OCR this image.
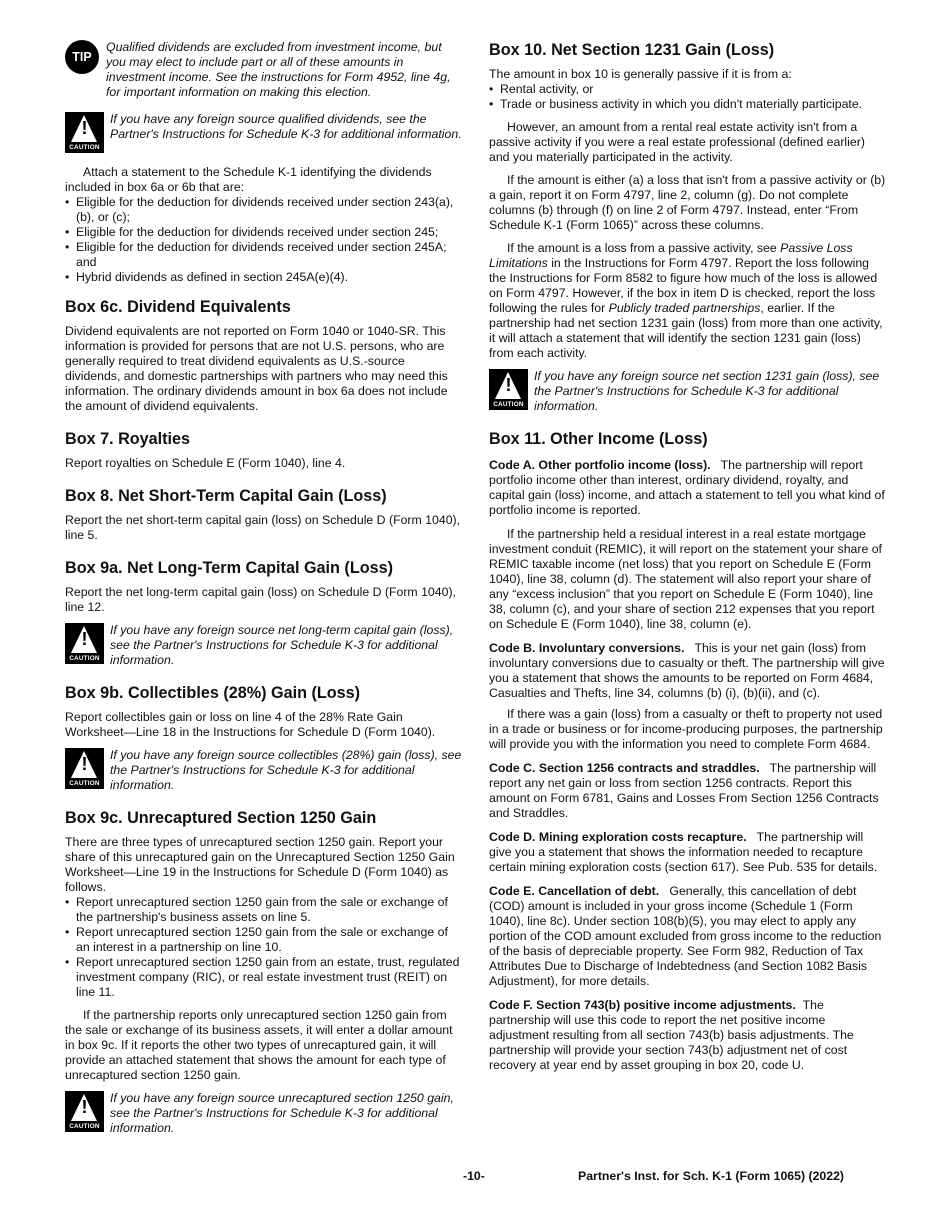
TIP
Qualified dividends are excluded from investment income, but you may elect to include part or all of these amounts in investment income. See the instructions for Form 4952, line 4g, for important information on making this election.
!
CAUTION
If you have any foreign source qualified dividends, see the Partner's Instructions for Schedule K-3 for additional information.

Attach a statement to the Schedule K-1 identifying the dividends included in box 6a or 6b that are:

• Eligible for the deduction for dividends received under section 243(a), (b), or (c);
• Eligible for the deduction for dividends received under section 245;
• Eligible for the deduction for dividends received under section 245A; and
• Hybrid dividends as defined in section 245A(e)(4).
Box 6c. Dividend Equivalents

Dividend equivalents are not reported on Form 1040 or 1040-SR. This information is provided for persons that are not U.S. persons, who are generally required to treat dividend equivalents as U.S.-source dividends, and domestic partnerships with partners who may need this information. The ordinary dividends amount in box 6a does not include the amount of dividend equivalents.

Box 7. Royalties

Report royalties on Schedule E (Form 1040), line 4.

Box 8. Net Short-Term Capital Gain (Loss)

Report the net short-term capital gain (loss) on Schedule D (Form 1040), line 5.

Box 9a. Net Long-Term Capital Gain (Loss)

Report the net long-term capital gain (loss) on Schedule D (Form 1040), line 12.

!
CAUTION
If you have any foreign source net long-term capital gain (loss), see the Partner's Instructions for Schedule K-3 for additional information.
Box 9b. Collectibles (28%) Gain (Loss)

Report collectibles gain or loss on line 4 of the 28% Rate Gain Worksheet—Line 18 in the Instructions for Schedule D (Form 1040).

!
CAUTION
If you have any foreign source collectibles (28%) gain (loss), see the Partner's Instructions for Schedule K-3 for additional information.
Box 9c. Unrecaptured Section 1250 Gain

There are three types of unrecaptured section 1250 gain. Report your share of this unrecaptured gain on the Unrecaptured Section 1250 Gain Worksheet—Line 19 in the Instructions for Schedule D (Form 1040) as follows.

• Report unrecaptured section 1250 gain from the sale or exchange of the partnership's business assets on line 5.
• Report unrecaptured section 1250 gain from the sale or exchange of an interest in a partnership on line 10.
• Report unrecaptured section 1250 gain from an estate, trust, regulated investment company (RIC), or real estate investment trust (REIT) on line 11.

If the partnership reports only unrecaptured section 1250 gain from the sale or exchange of its business assets, it will enter a dollar amount in box 9c. If it reports the other two types of unrecaptured gain, it will provide an attached statement that shows the amount for each type of unrecaptured section 1250 gain.

!
CAUTION
If you have any foreign source unrecaptured section 1250 gain, see the Partner's Instructions for Schedule K-3 for additional information.
Box 10. Net Section 1231 Gain (Loss)

The amount in box 10 is generally passive if it is from a:

• Rental activity, or
• Trade or business activity in which you didn't materially participate.

However, an amount from a rental real estate activity isn't from a passive activity if you were a real estate professional (defined earlier) and you materially participated in the activity.

If the amount is either (a) a loss that isn't from a passive activity or (b) a gain, report it on Form 4797, line 2, column (g). Do not complete columns (b) through (f) on line 2 of Form 4797. Instead, enter “From Schedule K-1 (Form 1065)” across these columns.

If the amount is a loss from a passive activity, see Passive Loss Limitations in the Instructions for Form 4797. Report the loss following the Instructions for Form 8582 to figure how much of the loss is allowed on Form 4797. However, if the box in item D is checked, report the loss following the rules for Publicly traded partnerships, earlier. If the partnership had net section 1231 gain (loss) from more than one activity, it will attach a statement that will identify the section 1231 gain (loss) from each activity.

!
CAUTION
If you have any foreign source net section 1231 gain (loss), see the Partner's Instructions for Schedule K-3 for additional information.
Box 11. Other Income (Loss)

Code A. Other portfolio income (loss). The partnership will report portfolio income other than interest, ordinary dividend, royalty, and capital gain (loss) income, and attach a statement to tell you what kind of portfolio income is reported.

If the partnership held a residual interest in a real estate mortgage investment conduit (REMIC), it will report on the statement your share of REMIC taxable income (net loss) that you report on Schedule E (Form 1040), line 38, column (d). The statement will also report your share of any “excess inclusion” that you report on Schedule E (Form 1040), line 38, column (c), and your share of section 212 expenses that you report on Schedule E (Form 1040), line 38, column (e).

Code B. Involuntary conversions. This is your net gain (loss) from involuntary conversions due to casualty or theft. The partnership will give you a statement that shows the amounts to be reported on Form 4684, Casualties and Thefts, line 34, columns (b) (i), (b)(ii), and (c).

If there was a gain (loss) from a casualty or theft to property not used in a trade or business or for income-producing purposes, the partnership will provide you with the information you need to complete Form 4684.

Code C. Section 1256 contracts and straddles. The partnership will report any net gain or loss from section 1256 contracts. Report this amount on Form 6781, Gains and Losses From Section 1256 Contracts and Straddles.

Code D. Mining exploration costs recapture. The partnership will give you a statement that shows the information needed to recapture certain mining exploration costs (section 617). See Pub. 535 for details.

Code E. Cancellation of debt. Generally, this cancellation of debt (COD) amount is included in your gross income (Schedule 1 (Form 1040), line 8c). Under section 108(b)(5), you may elect to apply any portion of the COD amount excluded from gross income to the reduction of the basis of depreciable property. See Form 982, Reduction of Tax Attributes Due to Discharge of Indebtedness (and Section 1082 Basis Adjustment), for more details.

Code F. Section 743(b) positive income adjustments. The partnership will use this code to report the net positive income adjustment resulting from all section 743(b) basis adjustments. The partnership will provide your section 743(b) adjustment net of cost recovery at year end by asset grouping in box 20, code U.

-10-	Partner's Inst. for Sch. K-1 (Form 1065) (2022)
